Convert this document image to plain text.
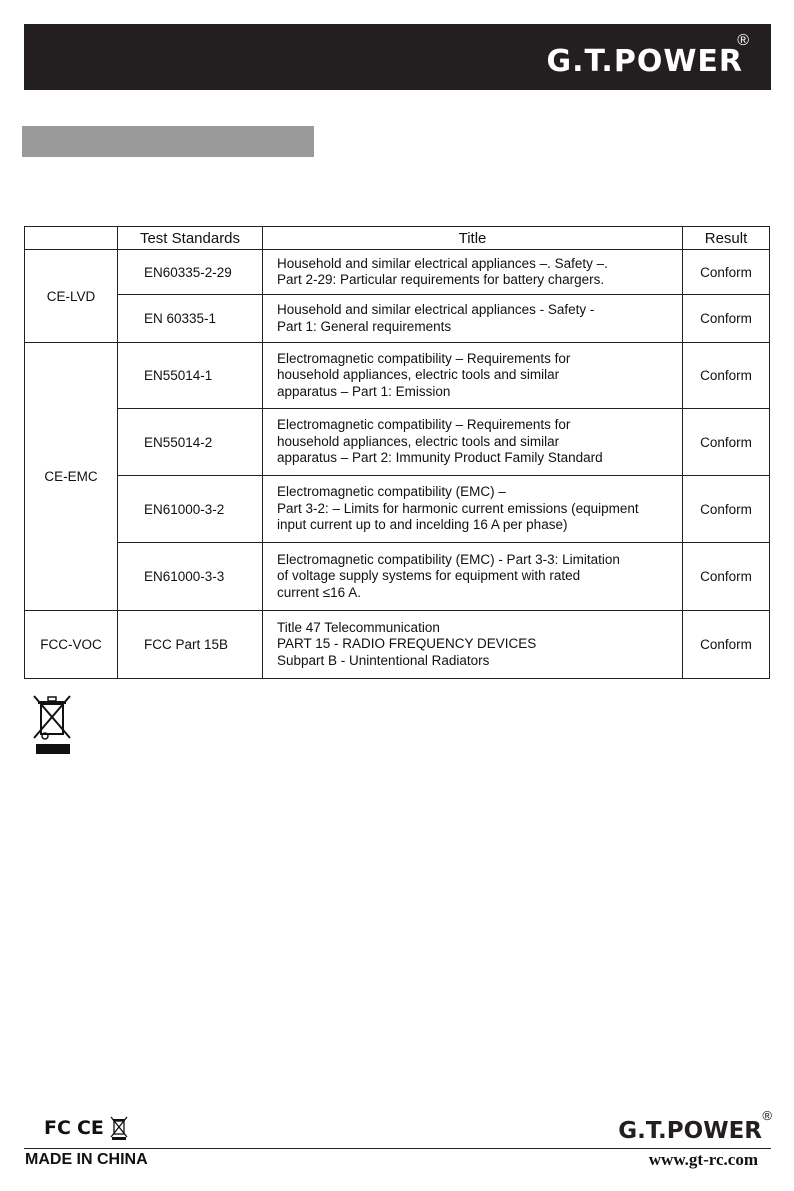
G.T.POWER
®
	Test Standards	Title	Result
CE-LVD	EN60335-2-29	Household and similar electrical appliances –. Safety –.
Part 2-29: Particular requirements for battery chargers.	Conform
	EN 60335-1	Household and similar electrical appliances - Safety -
Part 1: General requirements	Conform
CE-EMC	EN55014-1	Electromagnetic compatibility – Requirements for
household appliances, electric tools and similar
apparatus – Part 1: Emission	Conform
	EN55014-2	Electromagnetic compatibility – Requirements for
household appliances, electric tools and similar
apparatus – Part 2: Immunity Product Family Standard	Conform
	EN61000-3-2	Electromagnetic compatibility (EMC) –
Part 3-2: – Limits for harmonic current emissions (equipment
input current up to and incelding 16 A per phase)	Conform
	EN61000-3-3	Electromagnetic compatibility (EMC) - Part 3-3: Limitation
of voltage supply systems for equipment with rated
current ≤16 A.	Conform
FCC-VOC	FCC Part 15B	Title 47 Telecommunication
PART 15 - RADIO FREQUENCY DEVICES
Subpart B - Unintentional Radiators	Conform
FC CE	G.T.POWER
®
MADE IN CHINA	www.gt-rc.com
